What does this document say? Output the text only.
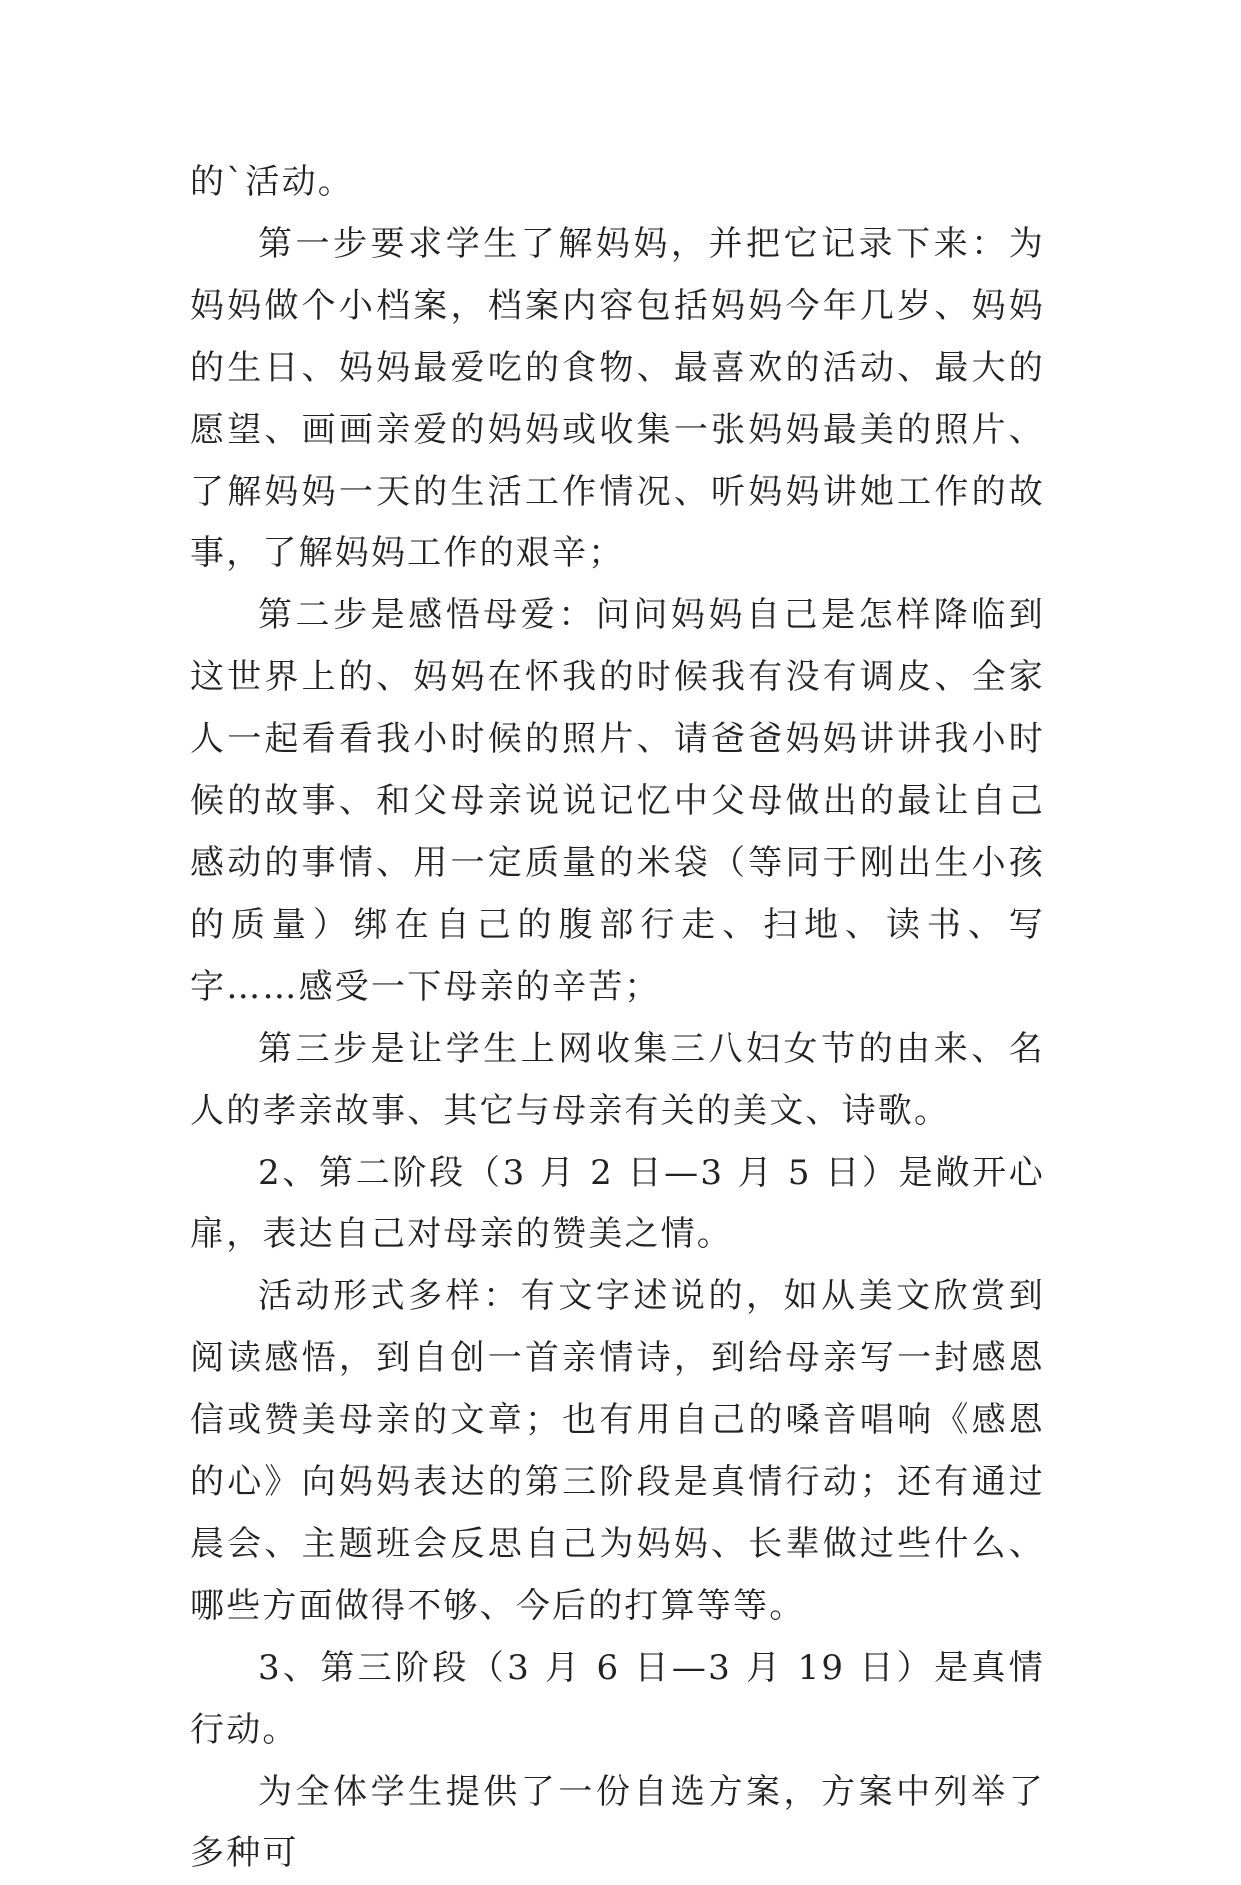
的`活动。

第一步要求学生了解妈妈，并把它记录下来：为妈妈做个小档案，档案内容包括妈妈今年几岁、妈妈的生日、妈妈最爱吃的食物、最喜欢的活动、最大的愿望、画画亲爱的妈妈或收集一张妈妈最美的照片、了解妈妈一天的生活工作情况、听妈妈讲她工作的故事，了解妈妈工作的艰辛；

第二步是感悟母爱：问问妈妈自己是怎样降临到这世界上的、妈妈在怀我的时候我有没有调皮、全家人一起看看我小时候的照片、请爸爸妈妈讲讲我小时候的故事、和父母亲说说记忆中父母做出的最让自己感动的事情、用一定质量的米袋（等同于刚出生小孩的质量）绑在自己的腹部行走、扫地、读书、写字……感受一下母亲的辛苦；

第三步是让学生上网收集三八妇女节的由来、名人的孝亲故事、其它与母亲有关的美文、诗歌。

2、第二阶段（3 月 2 日—3 月 5 日）是敞开心扉，表达自己对母亲的赞美之情。

活动形式多样：有文字述说的，如从美文欣赏到阅读感悟，到自创一首亲情诗，到给母亲写一封感恩信或赞美母亲的文章；也有用自己的嗓音唱响《感恩的心》向妈妈表达的第三阶段是真情行动；还有通过晨会、主题班会反思自己为妈妈、长辈做过些什么、哪些方面做得不够、今后的打算等等。

3、第三阶段（3 月 6 日—3 月 19 日）是真情行动。

为全体学生提供了一份自选方案，方案中列举了多种可
